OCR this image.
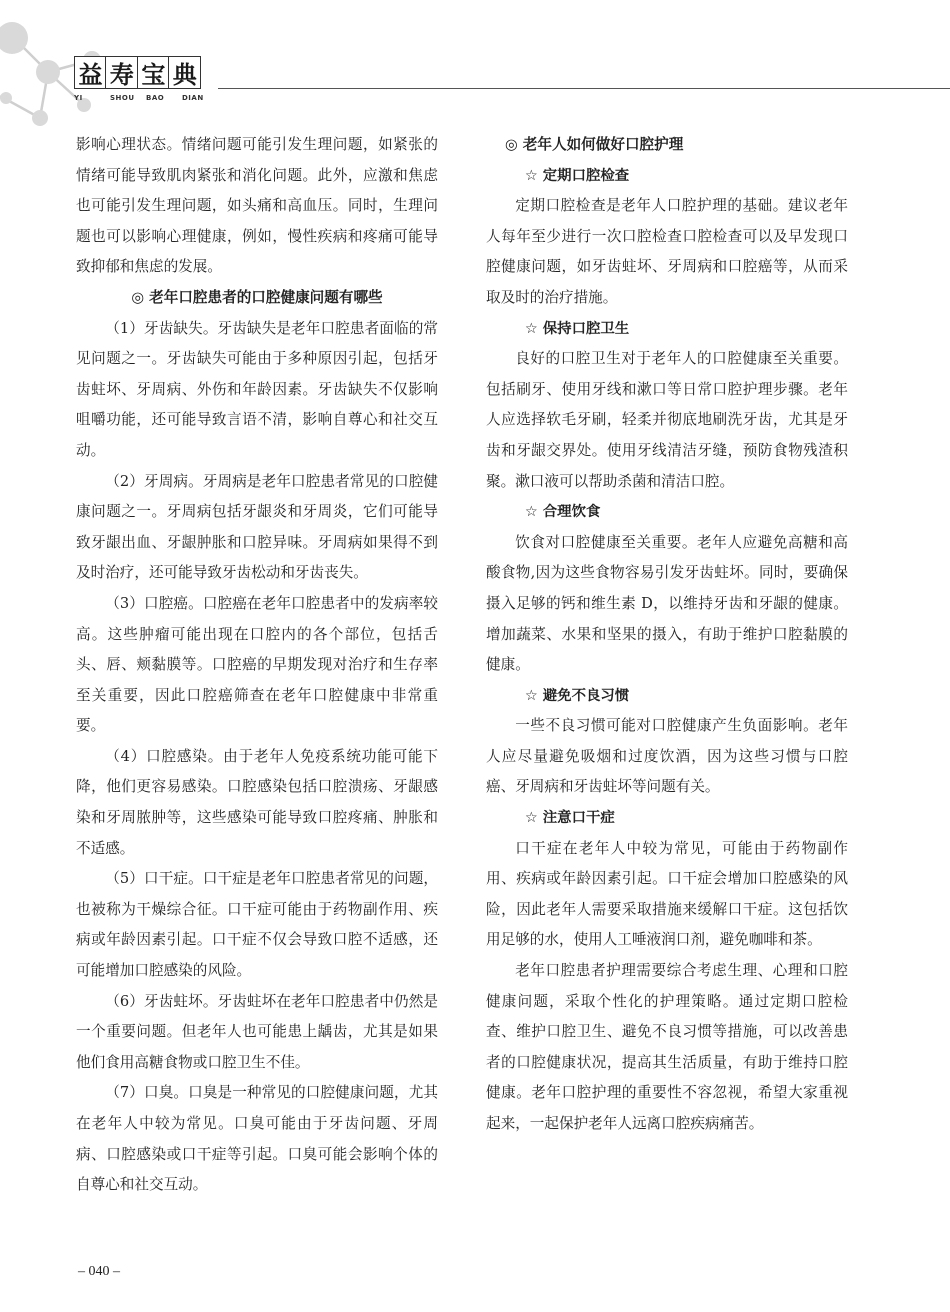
益 寿 宝 典
YI	SHOU	BAO	DIAN

影响心理状态。情绪问题可能引发生理问题，如紧张的情绪可能导致肌肉紧张和消化问题。此外，应激和焦虑也可能引发生理问题，如头痛和高血压。同时，生理问题也可以影响心理健康，例如，慢性疾病和疼痛可能导致抑郁和焦虑的发展。

◎ 老年口腔患者的口腔健康问题有哪些

（1）牙齿缺失。牙齿缺失是老年口腔患者面临的常见问题之一。牙齿缺失可能由于多种原因引起，包括牙齿蛀坏、牙周病、外伤和年龄因素。牙齿缺失不仅影响咀嚼功能，还可能导致言语不清，影响自尊心和社交互动。

（2）牙周病。牙周病是老年口腔患者常见的口腔健康问题之一。牙周病包括牙龈炎和牙周炎，它们可能导致牙龈出血、牙龈肿胀和口腔异味。牙周病如果得不到及时治疗，还可能导致牙齿松动和牙齿丧失。

（3）口腔癌。口腔癌在老年口腔患者中的发病率较高。这些肿瘤可能出现在口腔内的各个部位，包括舌头、唇、颊黏膜等。口腔癌的早期发现对治疗和生存率至关重要，因此口腔癌筛查在老年口腔健康中非常重要。

（4）口腔感染。由于老年人免疫系统功能可能下降，他们更容易感染。口腔感染包括口腔溃疡、牙龈感染和牙周脓肿等，这些感染可能导致口腔疼痛、肿胀和不适感。

（5）口干症。口干症是老年口腔患者常见的问题，也被称为干燥综合征。口干症可能由于药物副作用、疾病或年龄因素引起。口干症不仅会导致口腔不适感，还可能增加口腔感染的风险。

（6）牙齿蛀坏。牙齿蛀坏在老年口腔患者中仍然是一个重要问题。但老年人也可能患上龋齿，尤其是如果他们食用高糖食物或口腔卫生不佳。

（7）口臭。口臭是一种常见的口腔健康问题，尤其在老年人中较为常见。口臭可能由于牙齿问题、牙周病、口腔感染或口干症等引起。口臭可能会影响个体的自尊心和社交互动。

◎ 老年人如何做好口腔护理

☆ 定期口腔检查

定期口腔检查是老年人口腔护理的基础。建议老年人每年至少进行一次口腔检查口腔检查可以及早发现口腔健康问题，如牙齿蛀坏、牙周病和口腔癌等，从而采取及时的治疗措施。

☆ 保持口腔卫生

良好的口腔卫生对于老年人的口腔健康至关重要。包括刷牙、使用牙线和漱口等日常口腔护理步骤。老年人应选择软毛牙刷，轻柔并彻底地刷洗牙齿，尤其是牙齿和牙龈交界处。使用牙线清洁牙缝，预防食物残渣积聚。漱口液可以帮助杀菌和清洁口腔。

☆ 合理饮食

饮食对口腔健康至关重要。老年人应避免高糖和高酸食物,因为这些食物容易引发牙齿蛀坏。同时，要确保摄入足够的钙和维生素 D，以维持牙齿和牙龈的健康。增加蔬菜、水果和坚果的摄入，有助于维护口腔黏膜的健康。

☆ 避免不良习惯

一些不良习惯可能对口腔健康产生负面影响。老年人应尽量避免吸烟和过度饮酒，因为这些习惯与口腔癌、牙周病和牙齿蛀坏等问题有关。

☆ 注意口干症

口干症在老年人中较为常见，可能由于药物副作用、疾病或年龄因素引起。口干症会增加口腔感染的风险，因此老年人需要采取措施来缓解口干症。这包括饮用足够的水，使用人工唾液润口剂，避免咖啡和茶。

老年口腔患者护理需要综合考虑生理、心理和口腔健康问题，采取个性化的护理策略。通过定期口腔检查、维护口腔卫生、避免不良习惯等措施，可以改善患者的口腔健康状况，提高其生活质量，有助于维持口腔健康。老年口腔护理的重要性不容忽视，希望大家重视起来，一起保护老年人远离口腔疾病痛苦。

– 040 –
